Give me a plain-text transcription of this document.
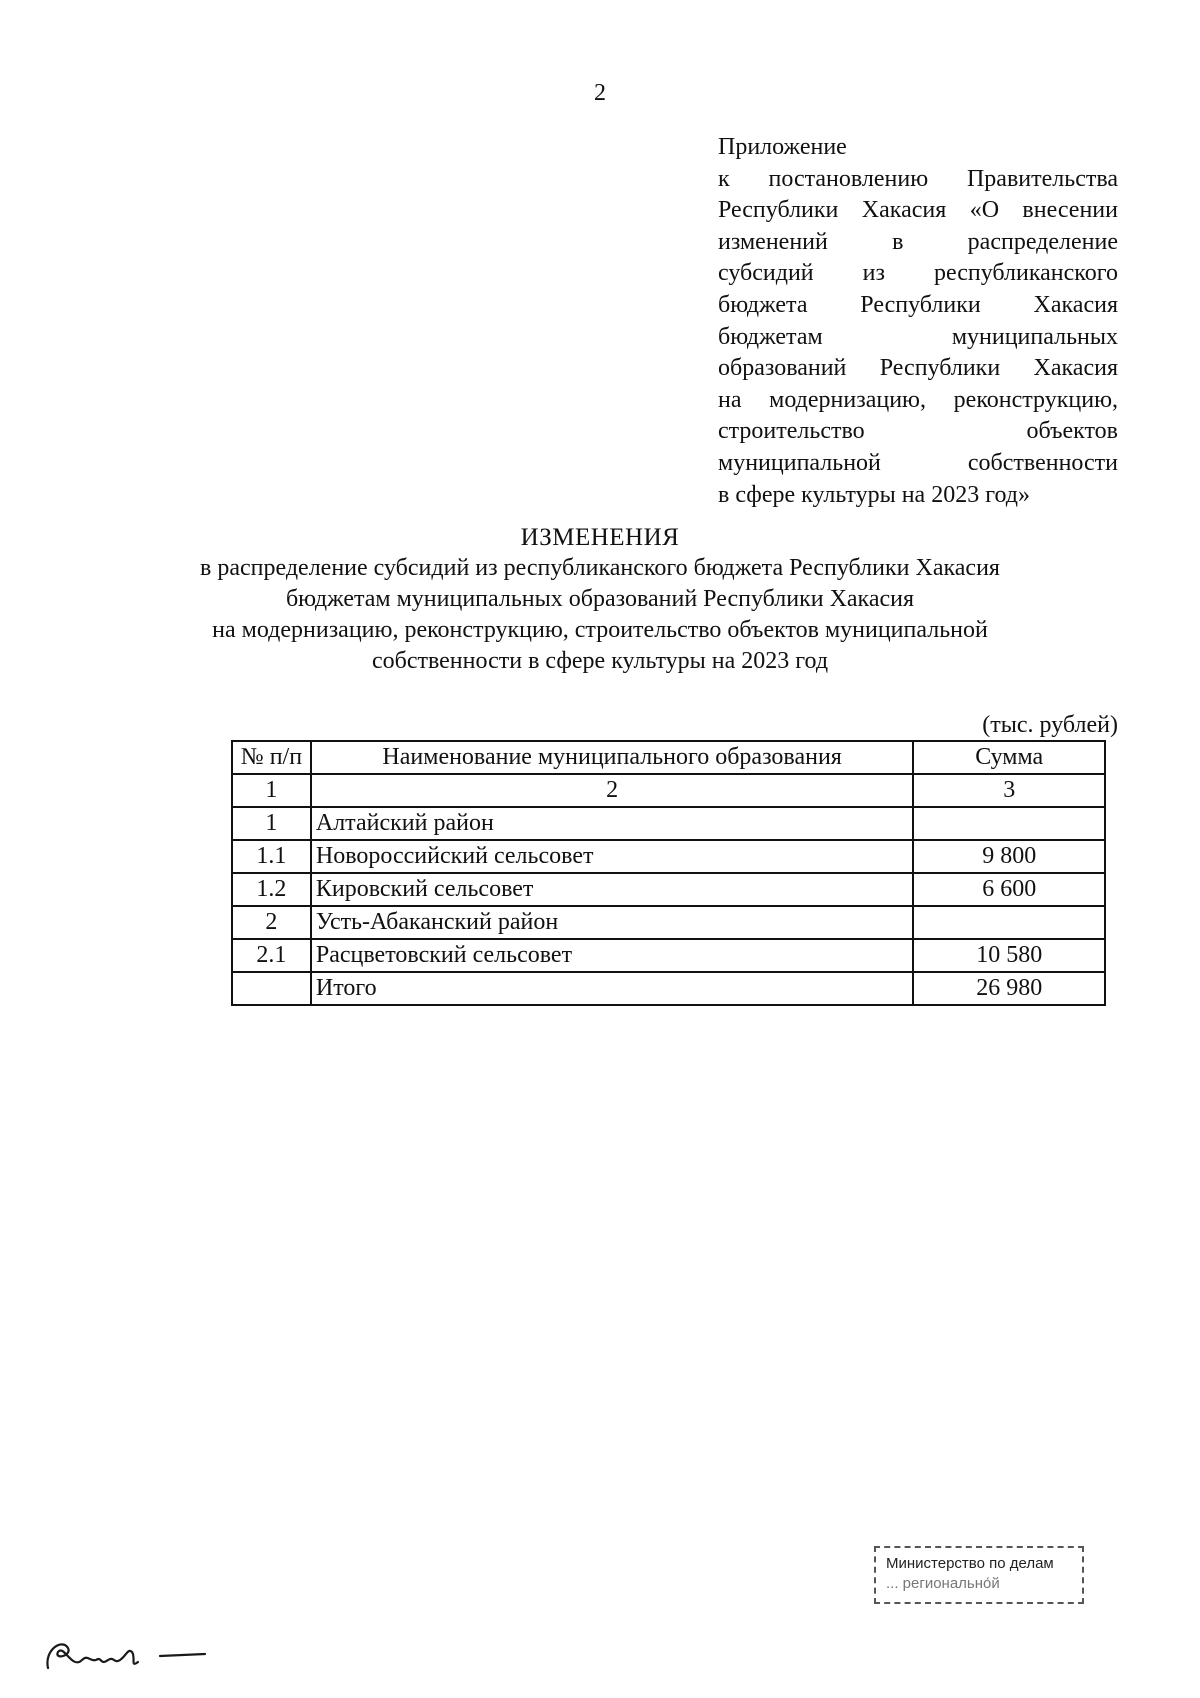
2
Приложение
к постановлению Правительства
Республики Хакасия «О внесении
изменений в распределение
субсидий из республиканского
бюджета Республики Хакасия
бюджетам муниципальных
образований Республики Хакасия
на модернизацию, реконструкцию,
строительство объектов
муниципальной собственности
в сфере культуры на 2023 год»
ИЗМЕНЕНИЯ
в распределение субсидий из республиканского бюджета Республики Хакасия
бюджетам муниципальных образований Республики Хакасия
на модернизацию, реконструкцию, строительство объектов муниципальной
собственности в сфере культуры на 2023 год
(тыс. рублей)
№ п/п	Наименование муниципального образования	Сумма
1	2	3
1	Алтайский район	
1.1	Новороссийский сельсовет	9 800
1.2	Кировский сельсовет	6 600
2	Усть-Абаканский район	
2.1	Расцветовский сельсовет	10 580
	Итого	26 980
Министерство по делам
... регионально́й
